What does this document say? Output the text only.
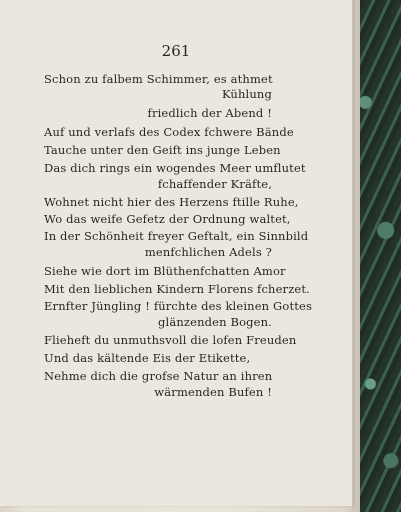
261
Schon zu falbem Schimmer, es athmet
Kühlung
friedlich der Abend !
Auf und verlafs des Codex fchwere Bände
Tauche unter den Geift ins junge Leben
Das dich rings ein wogendes Meer umflutet
fchaffender Kräfte,
Wohnet nicht hier des Herzens ftille Ruhe,
Wo das weife Gefetz der Ordnung waltet,
In der Schönheit freyer Geftalt, ein Sinnbild
menfchlichen Adels ?
Siehe wie dort im Blüthenfchatten Amor
Mit den lieblichen Kindern Florens fcherzet.
Ernfter Jüngling ! fürchte des kleinen Gottes
glänzenden Bogen.
Flieheft du unmuthsvoll die lofen Freuden
Und das kältende Eis der Etikette,
Nehme dich die grofse Natur an ihren
wärmenden Bufen !
